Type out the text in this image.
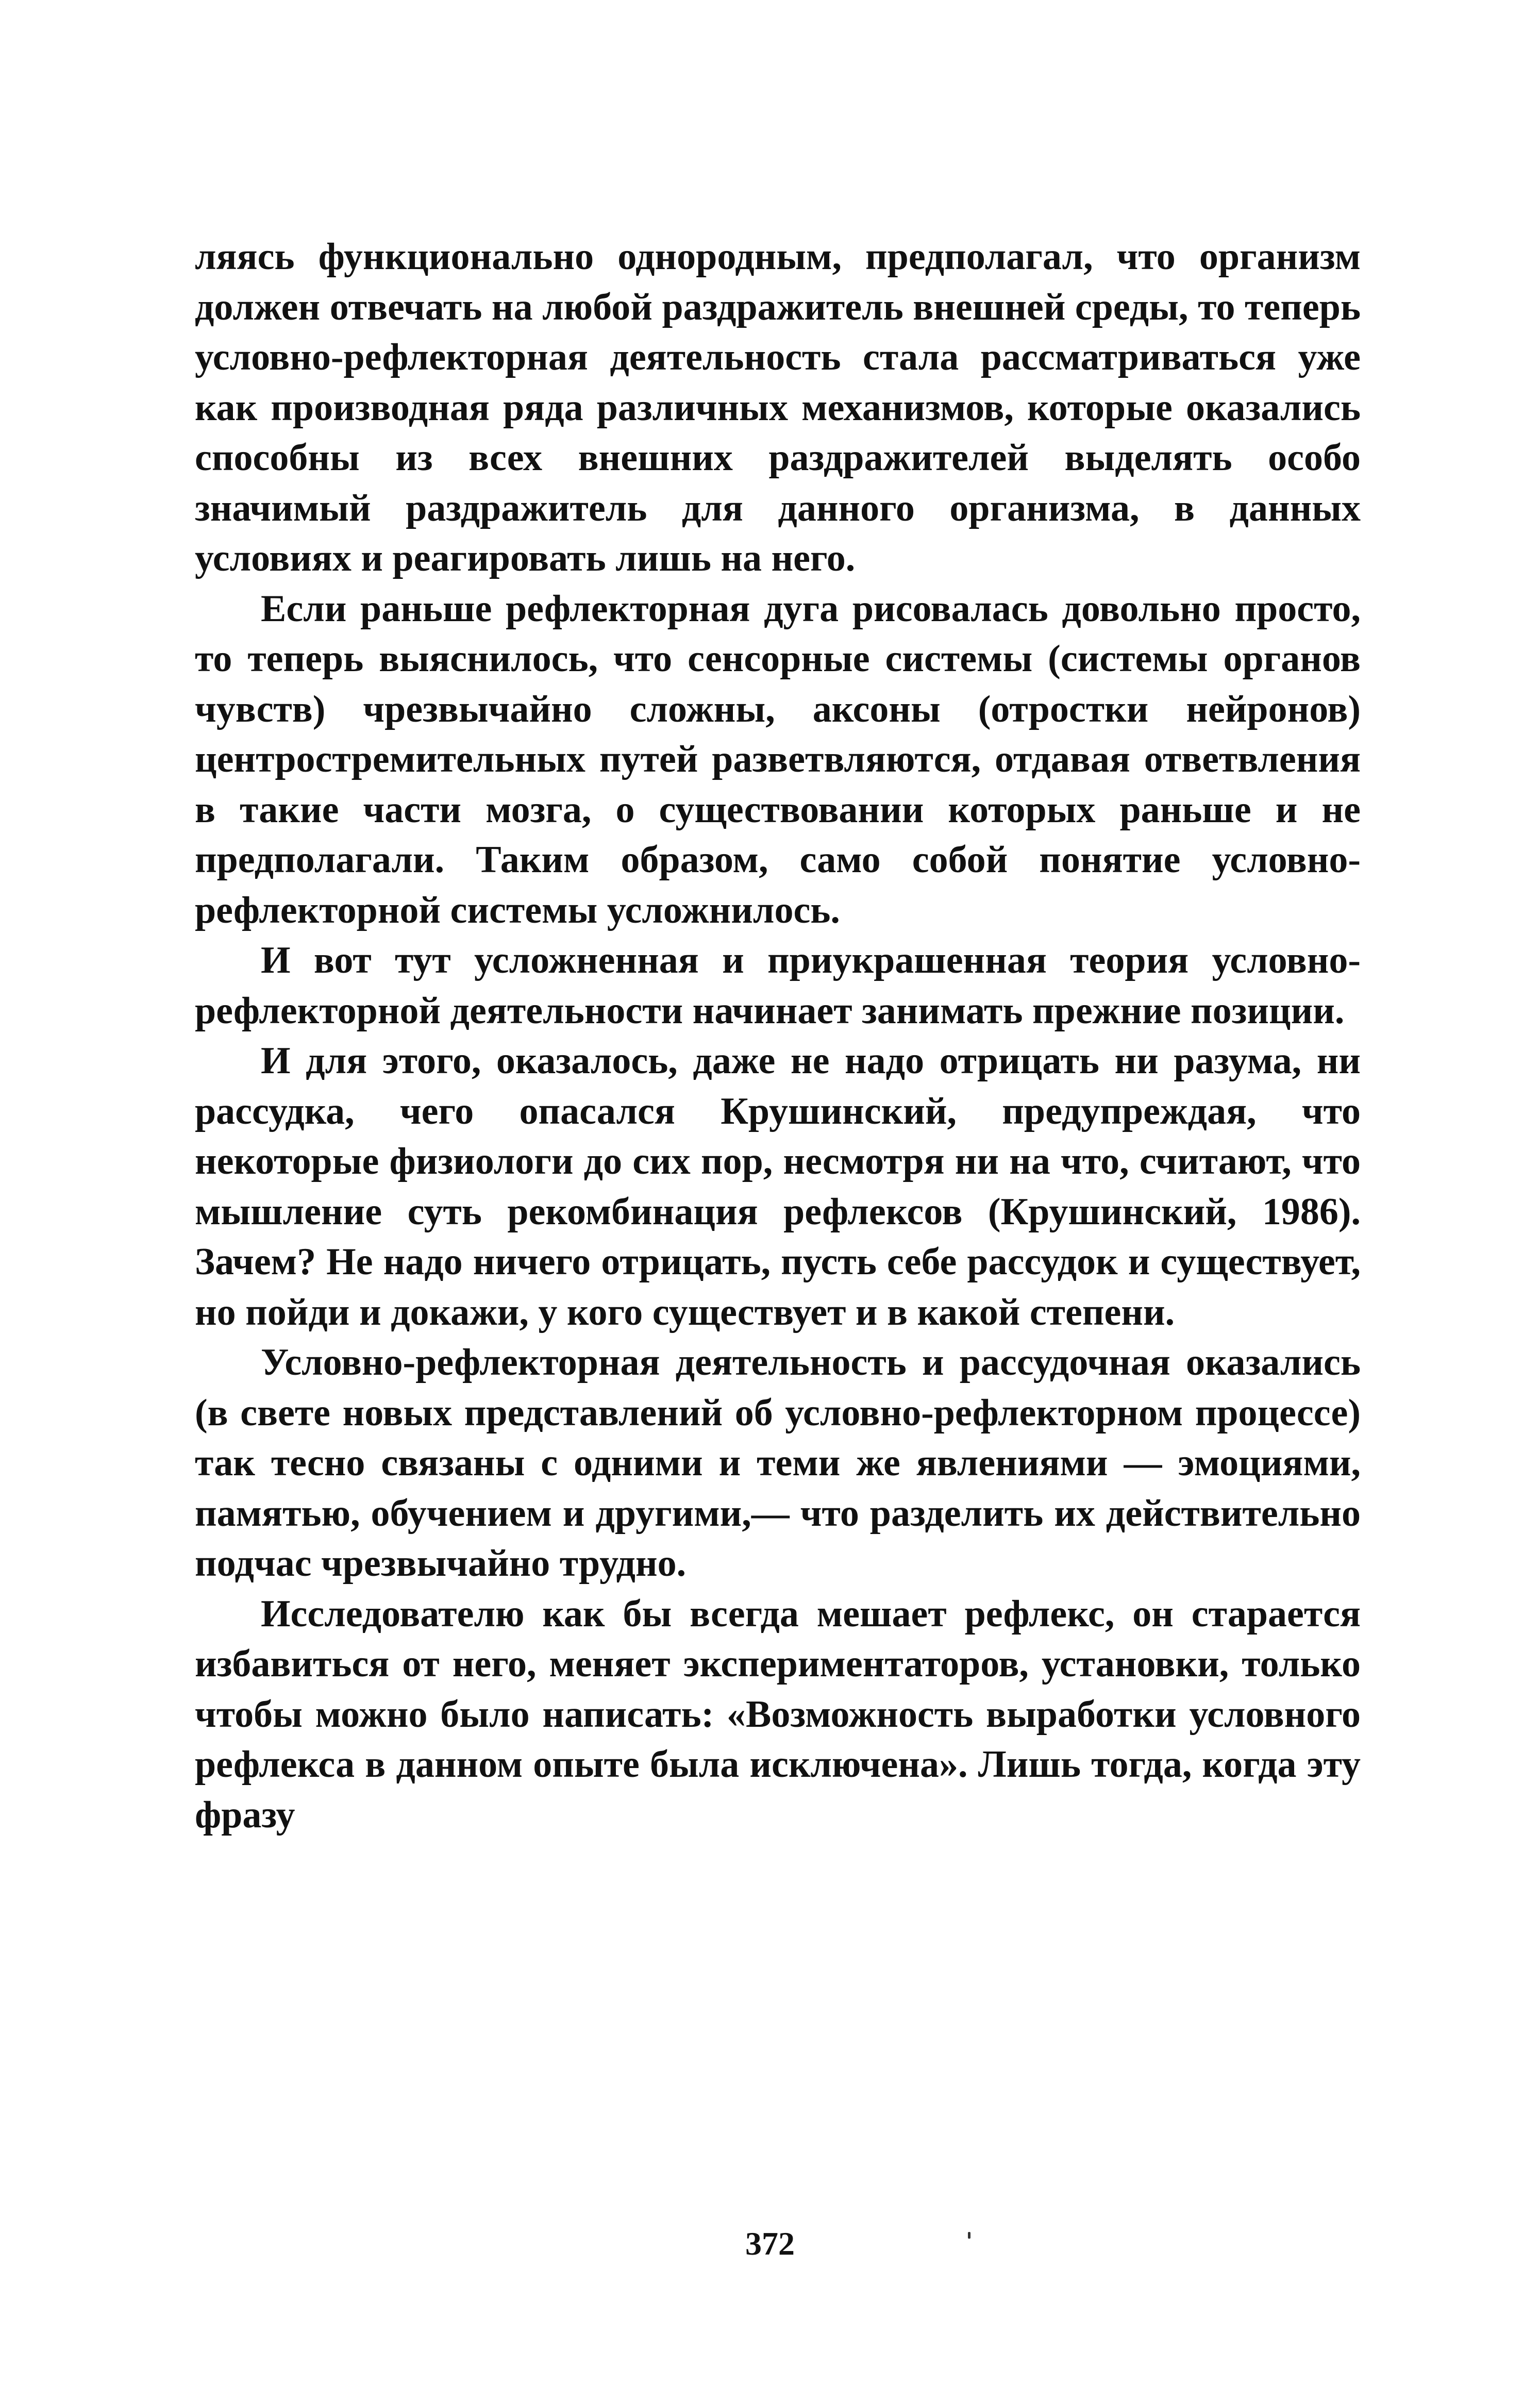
ляясь функционально однородным, предполагал, что организм должен отвечать на любой раздражитель внешней среды, то теперь условно-рефлекторная деятельность стала рассматриваться уже как производная ряда различных механизмов, которые оказались способны из всех внешних раздражителей выделять особо значимый раздражитель для данного организма, в данных условиях и реагировать лишь на него.

Если раньше рефлекторная дуга рисовалась довольно просто, то теперь выяснилось, что сенсорные системы (системы органов чувств) чрезвычайно сложны, аксоны (отростки нейронов) центростремительных путей разветвляются, отдавая ответвления в такие части мозга, о существовании которых раньше и не предполагали. Таким образом, само собой понятие условно-рефлекторной системы усложнилось.

И вот тут усложненная и приукрашенная теория условно-рефлекторной деятельности начинает занимать прежние позиции.

И для этого, оказалось, даже не надо отрицать ни разума, ни рассудка, чего опасался Крушинский, предупреждая, что некоторые физиологи до сих пор, несмотря ни на что, считают, что мышление суть рекомбинация рефлексов (Крушинский, 1986). Зачем? Не надо ничего отрицать, пусть себе рассудок и существует, но пойди и докажи, у кого существует и в какой степени.

Условно-рефлекторная деятельность и рассудочная оказались (в свете новых представлений об условно-рефлекторном процессе) так тесно связаны с одними и теми же явлениями — эмоциями, памятью, обучением и другими,— что разделить их действительно подчас чрезвычайно трудно.

Исследователю как бы всегда мешает рефлекс, он старается избавиться от него, меняет экспериментаторов, установки, только чтобы можно было написать: «Возможность выработки условного рефлекса в данном опыте была исключена». Лишь тогда, когда эту фразу

372
